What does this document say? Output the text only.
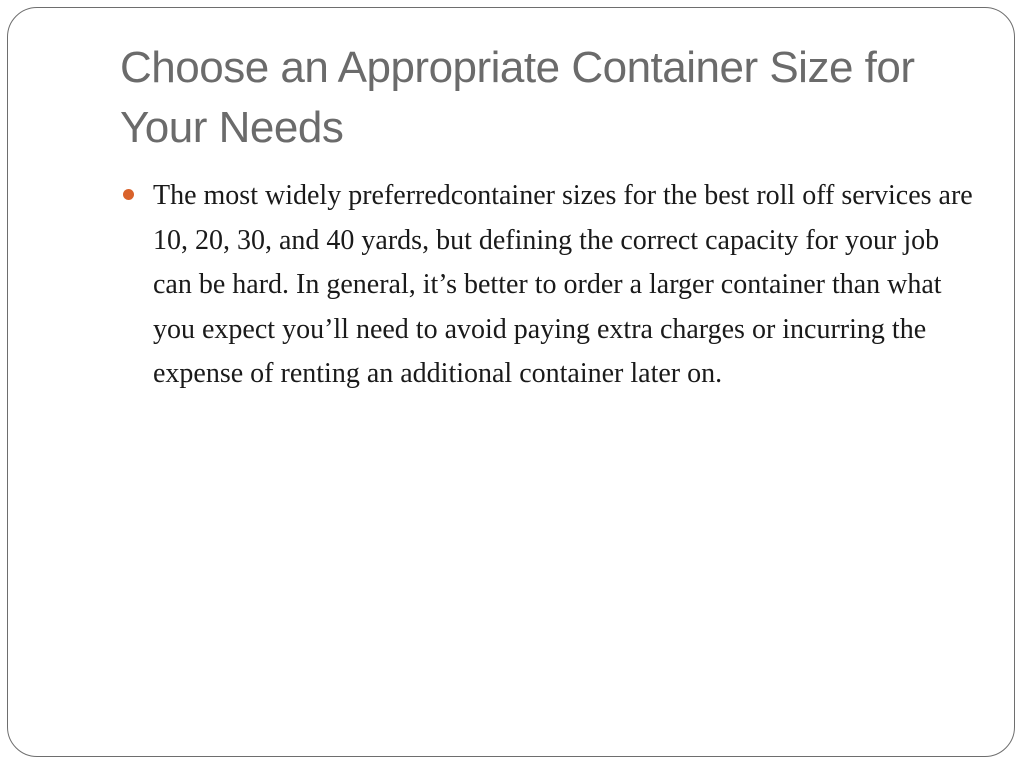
Choose an Appropriate Container Size for Your Needs
The most widely preferredcontainer sizes for the best roll off services are 10, 20, 30, and 40 yards, but defining the correct capacity for your job can be hard. In general, it’s better to order a larger container than what you expect you’ll need to avoid paying extra charges or incurring the expense of renting an additional container later on.
